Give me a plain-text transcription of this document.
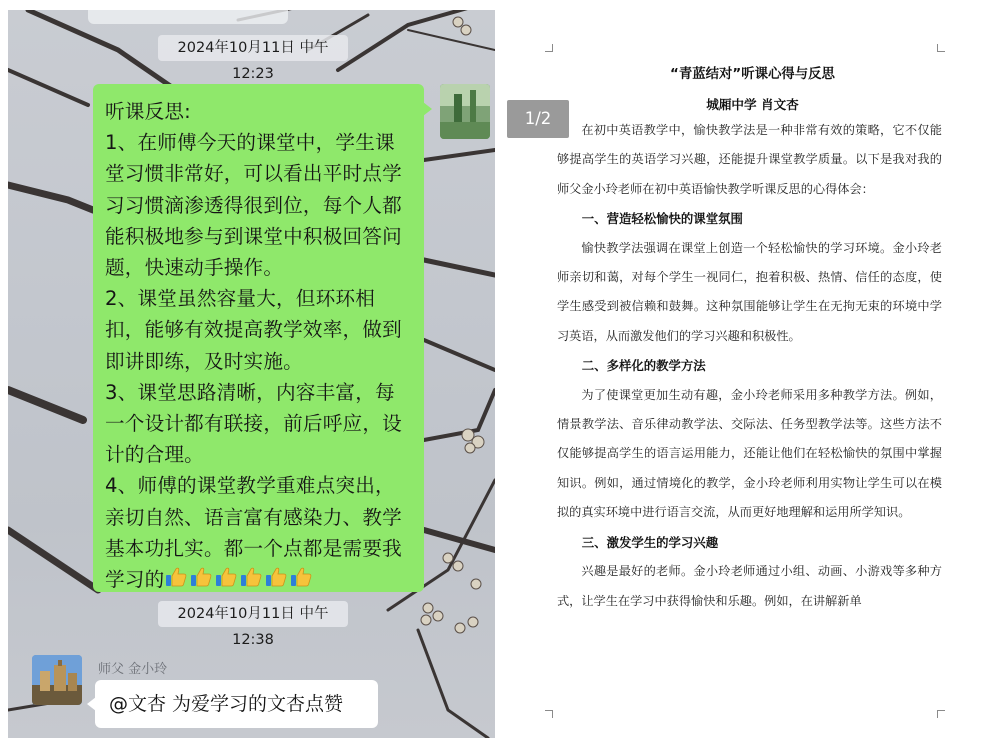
2024年10月11日 中午12:23

听课反思:

1、在师傅今天的课堂中，学生课堂习惯非常好，可以看出平时点学习习惯滴渗透得很到位，每个人都能积极地参与到课堂中积极回答问题，快速动手操作。

2、课堂虽然容量大，但环环相扣，能够有效提高教学效率，做到即讲即练，及时实施。

3、课堂思路清晰，内容丰富，每一个设计都有联接，前后呼应，设计的合理。

4、师傅的课堂教学重难点突出，亲切自然、语言富有感染力、教学基本功扎实。都一个点都是需要我学习的

2024年10月11日 中午12:38
师父 金小玲
@文杏 为爱学习的文杏点赞
1/2
“青蓝结对”听课心得与反思
城厢中学 肖文杏

在初中英语教学中，愉快教学法是一种非常有效的策略，它不仅能够提高学生的英语学习兴趣，还能提升课堂教学质量。以下是我对我的师父金小玲老师在初中英语愉快教学听课反思的心得体会：

一、营造轻松愉快的课堂氛围

愉快教学法强调在课堂上创造一个轻松愉快的学习环境。金小玲老师亲切和蔼，对每个学生一视同仁，抱着积极、热情、信任的态度，使学生感受到被信赖和鼓舞。这种氛围能够让学生在无拘无束的环境中学习英语，从而激发他们的学习兴趣和积极性。

二、多样化的教学方法

为了使课堂更加生动有趣，金小玲老师采用多种教学方法。例如，情景教学法、音乐律动教学法、交际法、任务型教学法等。这些方法不仅能够提高学生的语言运用能力，还能让他们在轻松愉快的氛围中掌握知识。例如，通过情境化的教学，金小玲老师利用实物让学生可以在模拟的真实环境中进行语言交流，从而更好地理解和运用所学知识。

三、激发学生的学习兴趣

兴趣是最好的老师。金小玲老师通过小组、动画、小游戏等多种方式，让学生在学习中获得愉快和乐趣。例如，在讲解新单
